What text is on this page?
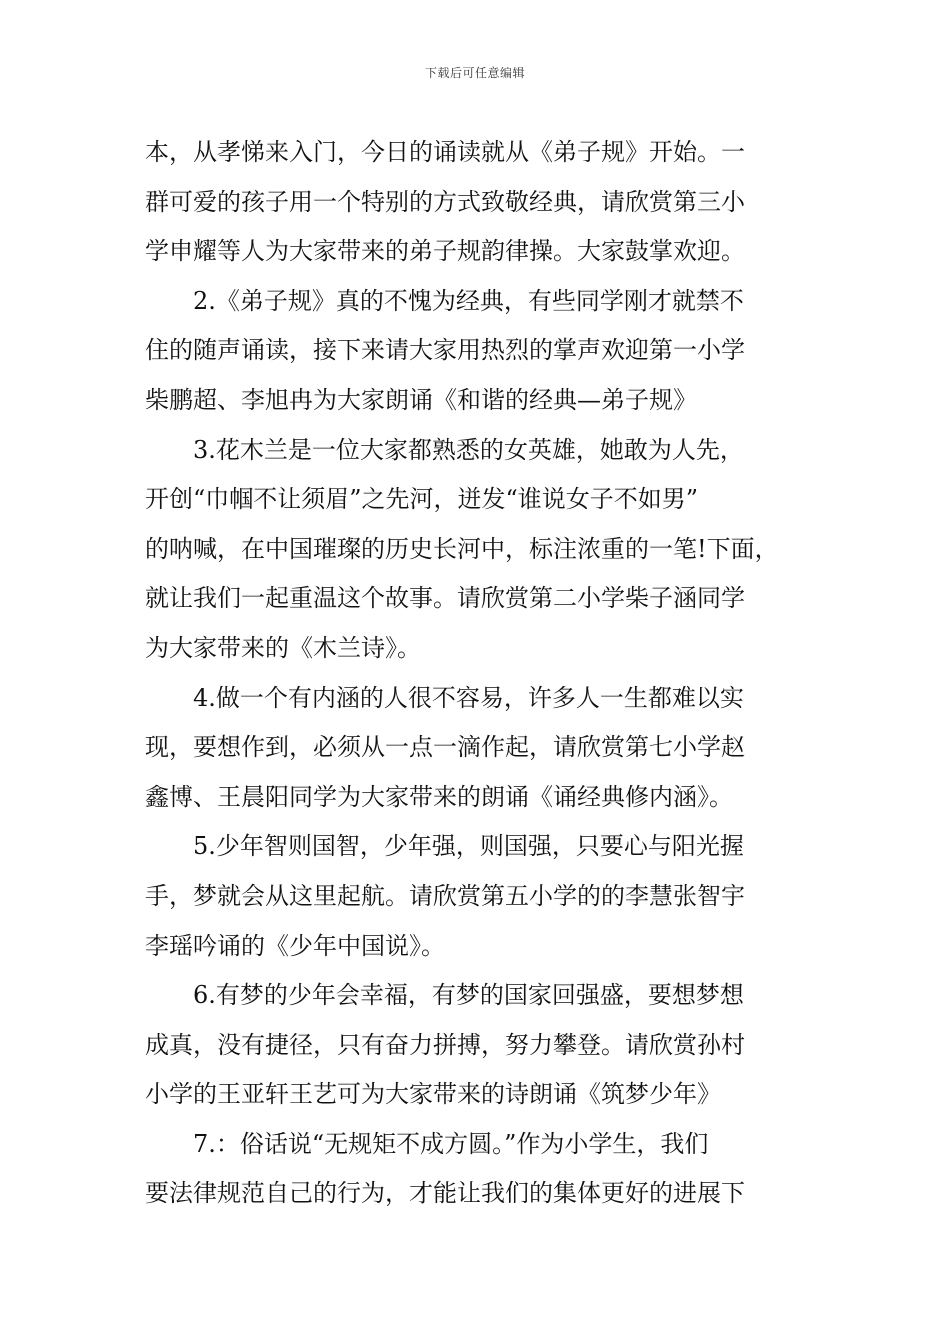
下载后可任意编辑
本，从孝悌来入门，今日的诵读就从《弟子规》开始。一
群可爱的孩子用一个特别的方式致敬经典，请欣赏第三小
学申耀等人为大家带来的弟子规韵律操。大家鼓掌欢迎。
2.《弟子规》真的不愧为经典，有些同学刚才就禁不
住的随声诵读，接下来请大家用热烈的掌声欢迎第一小学
柴鹏超、李旭冉为大家朗诵《和谐的经典—弟子规》
3.花木兰是一位大家都熟悉的女英雄，她敢为人先，
开创“巾帼不让须眉”之先河，迸发“谁说女子不如男”
的呐喊，在中国璀璨的历史长河中，标注浓重的一笔!下面，
就让我们一起重温这个故事。请欣赏第二小学柴子涵同学
为大家带来的《木兰诗》。
4.做一个有内涵的人很不容易，许多人一生都难以实
现，要想作到，必须从一点一滴作起，请欣赏第七小学赵
鑫博、王晨阳同学为大家带来的朗诵《诵经典修内涵》。
5.少年智则国智，少年强，则国强，只要心与阳光握
手，梦就会从这里起航。请欣赏第五小学的的李慧张智宇
李瑶吟诵的《少年中国说》。
6.有梦的少年会幸福，有梦的国家回强盛，要想梦想
成真，没有捷径，只有奋力拼搏，努力攀登。请欣赏孙村
小学的王亚轩王艺可为大家带来的诗朗诵《筑梦少年》
7.：俗话说“无规矩不成方圆。”作为小学生，我们
要法律规范自己的行为，才能让我们的集体更好的进展下
